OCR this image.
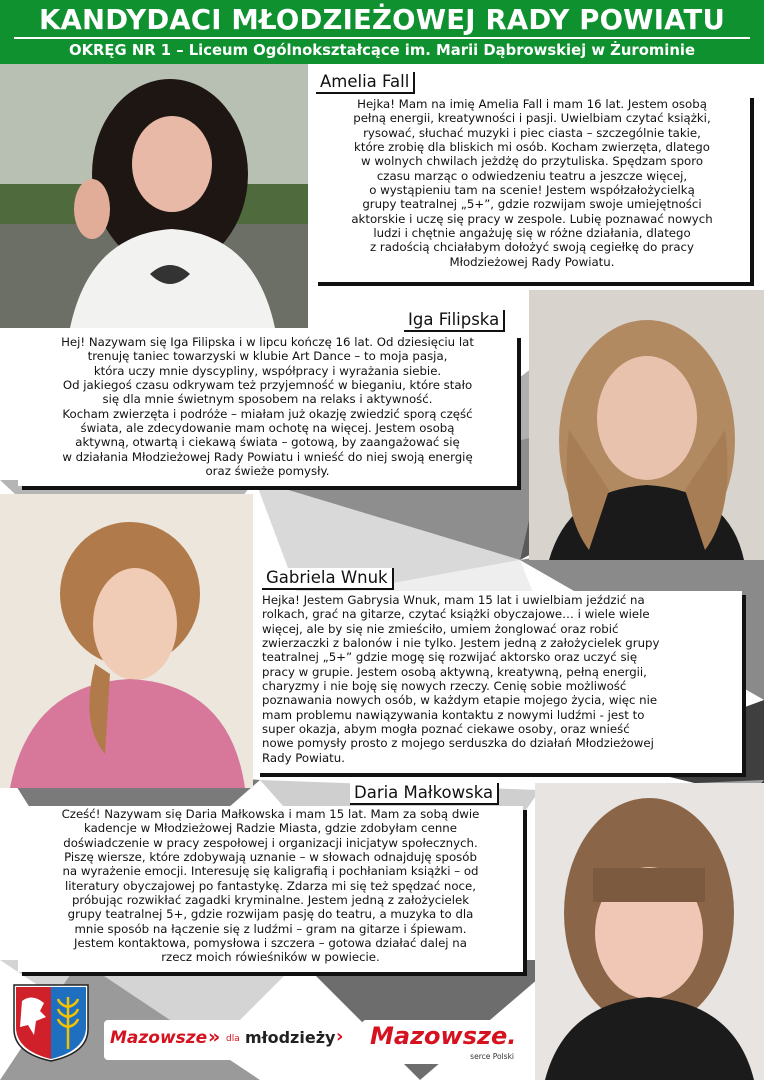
KANDYDACI MŁODZIEŻOWEJ RADY POWIATU
OKRĘG NR 1 – Liceum Ogólnokształcące im. Marii Dąbrowskiej w Żurominie
Amelia Fall

Hejka! Mam na imię Amelia Fall i mam 16 lat. Jestem osobą
pełną energii, kreatywności i pasji. Uwielbiam czytać książki,
rysować, słuchać muzyki i piec ciasta – szczególnie takie,
które zrobię dla bliskich mi osób. Kocham zwierzęta, dlatego
w wolnych chwilach jeżdżę do przytuliska. Spędzam sporo
czasu marząc o odwiedzeniu teatru a jeszcze więcej,
o wystąpieniu tam na scenie! Jestem współzałożycielką
grupy teatralnej „5+”, gdzie rozwijam swoje umiejętności
aktorskie i uczę się pracy w zespole. Lubię poznawać nowych
ludzi i chętnie angażuję się w różne działania, dlatego
z radością chciałabym dołożyć swoją cegiełkę do pracy
Młodzieżowej Rady Powiatu.

Iga Filipska

Hej! Nazywam się Iga Filipska i w lipcu kończę 16 lat. Od dziesięciu lat
trenuję taniec towarzyski w klubie Art Dance – to moja pasja,
która uczy mnie dyscypliny, współpracy i wyrażania siebie.
Od jakiegoś czasu odkrywam też przyjemność w bieganiu, które stało
się dla mnie świetnym sposobem na relaks i aktywność.
Kocham zwierzęta i podróże – miałam już okazję zwiedzić sporą część
świata, ale zdecydowanie mam ochotę na więcej. Jestem osobą
aktywną, otwartą i ciekawą świata – gotową, by zaangażować się
w działania Młodzieżowej Rady Powiatu i wnieść do niej swoją energię
oraz świeże pomysły.

Gabriela Wnuk

Hejka! Jestem Gabrysia Wnuk, mam 15 lat i uwielbiam jeździć na
rolkach, grać na gitarze, czytać książki obyczajowe… i wiele wiele
więcej, ale by się nie zmieściło, umiem żonglować oraz robić
zwierzaczki z balonów i nie tylko. Jestem jedną z założycielek grupy
teatralnej „5+” gdzie mogę się rozwijać aktorsko oraz uczyć się
pracy w grupie. Jestem osobą aktywną, kreatywną, pełną energii,
charyzmy i nie boję się nowych rzeczy. Cenię sobie możliwość
poznawania nowych osób, w każdym etapie mojego życia, więc nie
mam problemu nawiązywania kontaktu z nowymi ludźmi - jest to
super okazja, abym mogła poznać ciekawe osoby, oraz wnieść
nowe pomysły prosto z mojego serduszka do działań Młodzieżowej
Rady Powiatu.

Daria Małkowska

Cześć! Nazywam się Daria Małkowska i mam 15 lat. Mam za sobą dwie
kadencje w Młodzieżowej Radzie Miasta, gdzie zdobyłam cenne
doświadczenie w pracy zespołowej i organizacji inicjatyw społecznych.
Piszę wiersze, które zdobywają uznanie – w słowach odnajduję sposób
na wyrażenie emocji. Interesuję się kaligrafią i pochłaniam książki – od
literatury obyczajowej po fantastykę. Zdarza mi się też spędzać noce,
próbując rozwikłać zagadki kryminalne. Jestem jedną z założycielek
grupy teatralnej 5+, gdzie rozwijam pasję do teatru, a muzyka to dla
mnie sposób na łączenie się z ludźmi – gram na gitarze i śpiewam.
Jestem kontaktowa, pomysłowa i szczera – gotowa działać dalej na
rzecz moich rówieśników w powiecie.

Mazowsze » dla młodzieży › Mazowsze.
serce Polski
